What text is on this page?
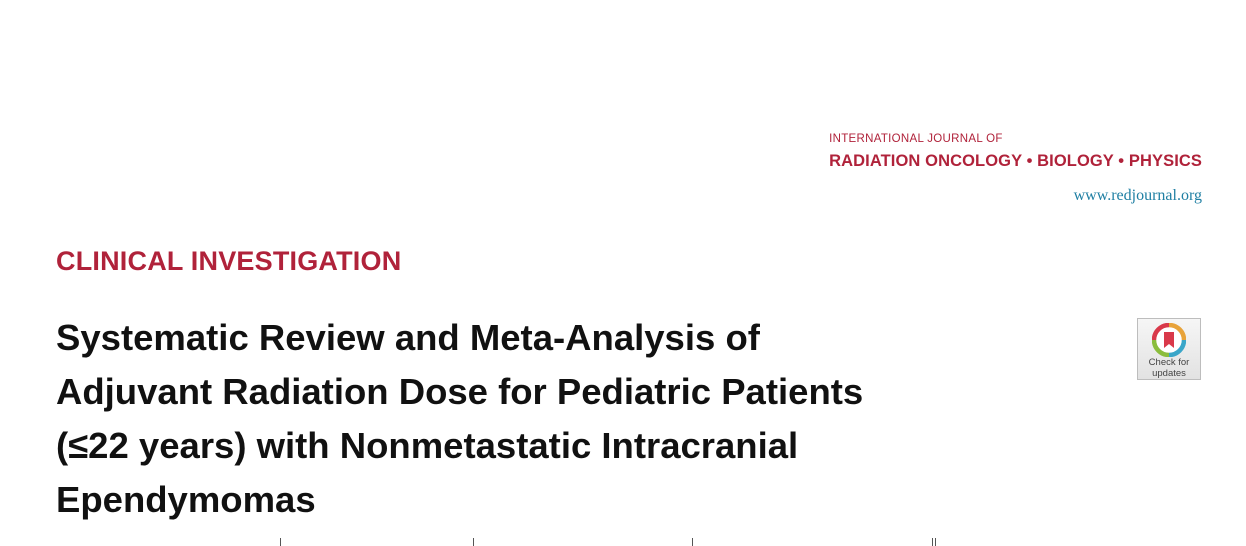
INTERNATIONAL JOURNAL OF
RADIATION ONCOLOGY • BIOLOGY • PHYSICS
www.redjournal.org
CLINICAL INVESTIGATION
Systematic Review and Meta-Analysis of
Adjuvant Radiation Dose for Pediatric Patients
(≤22 years) with Nonmetastatic Intracranial
Ependymomas
Check for
updates
